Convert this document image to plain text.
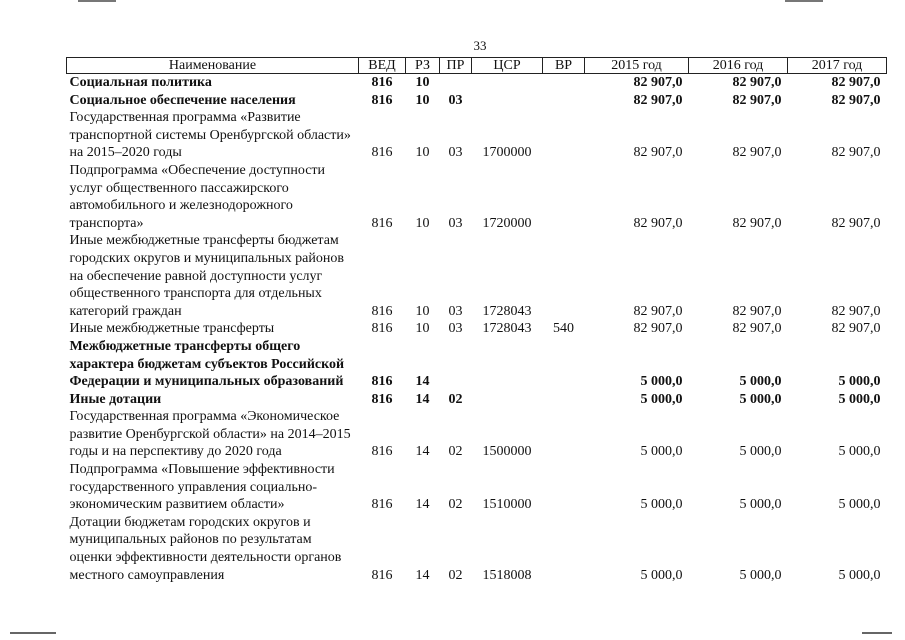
33
Наименование	ВЕД	РЗ	ПР	ЦСР	ВР	2015 год	2016 год	2017 год
Социальная политика	816	10				82 907,0	82 907,0	82 907,0
Социальное обеспечение населения	816	10	03			82 907,0	82 907,0	82 907,0
Государственная программа «Развитие транспортной системы Оренбургской области» на 2015–2020 годы	816	10	03	1700000		82 907,0	82 907,0	82 907,0
Подпрограмма «Обеспечение доступности услуг общественного пассажирского автомобильного и железнодорожного транспорта»	816	10	03	1720000		82 907,0	82 907,0	82 907,0
Иные межбюджетные трансферты бюджетам городских округов и муниципальных районов на обеспечение равной доступности услуг общественного транспорта для отдельных категорий граждан	816	10	03	1728043		82 907,0	82 907,0	82 907,0
Иные межбюджетные трансферты	816	10	03	1728043	540	82 907,0	82 907,0	82 907,0
Межбюджетные трансферты общего характера бюджетам субъектов Российской Федерации и муниципальных образований	816	14				5 000,0	5 000,0	5 000,0
Иные дотации	816	14	02			5 000,0	5 000,0	5 000,0
Государственная программа «Экономическое развитие Оренбургской области» на 2014–2015 годы и на перспективу до 2020 года	816	14	02	1500000		5 000,0	5 000,0	5 000,0
Подпрограмма «Повышение эффективности государственного управления социально-экономическим развитием области»	816	14	02	1510000		5 000,0	5 000,0	5 000,0
Дотации бюджетам городских округов и муниципальных районов по результатам оценки эффективности деятельности органов местного самоуправления	816	14	02	1518008		5 000,0	5 000,0	5 000,0
